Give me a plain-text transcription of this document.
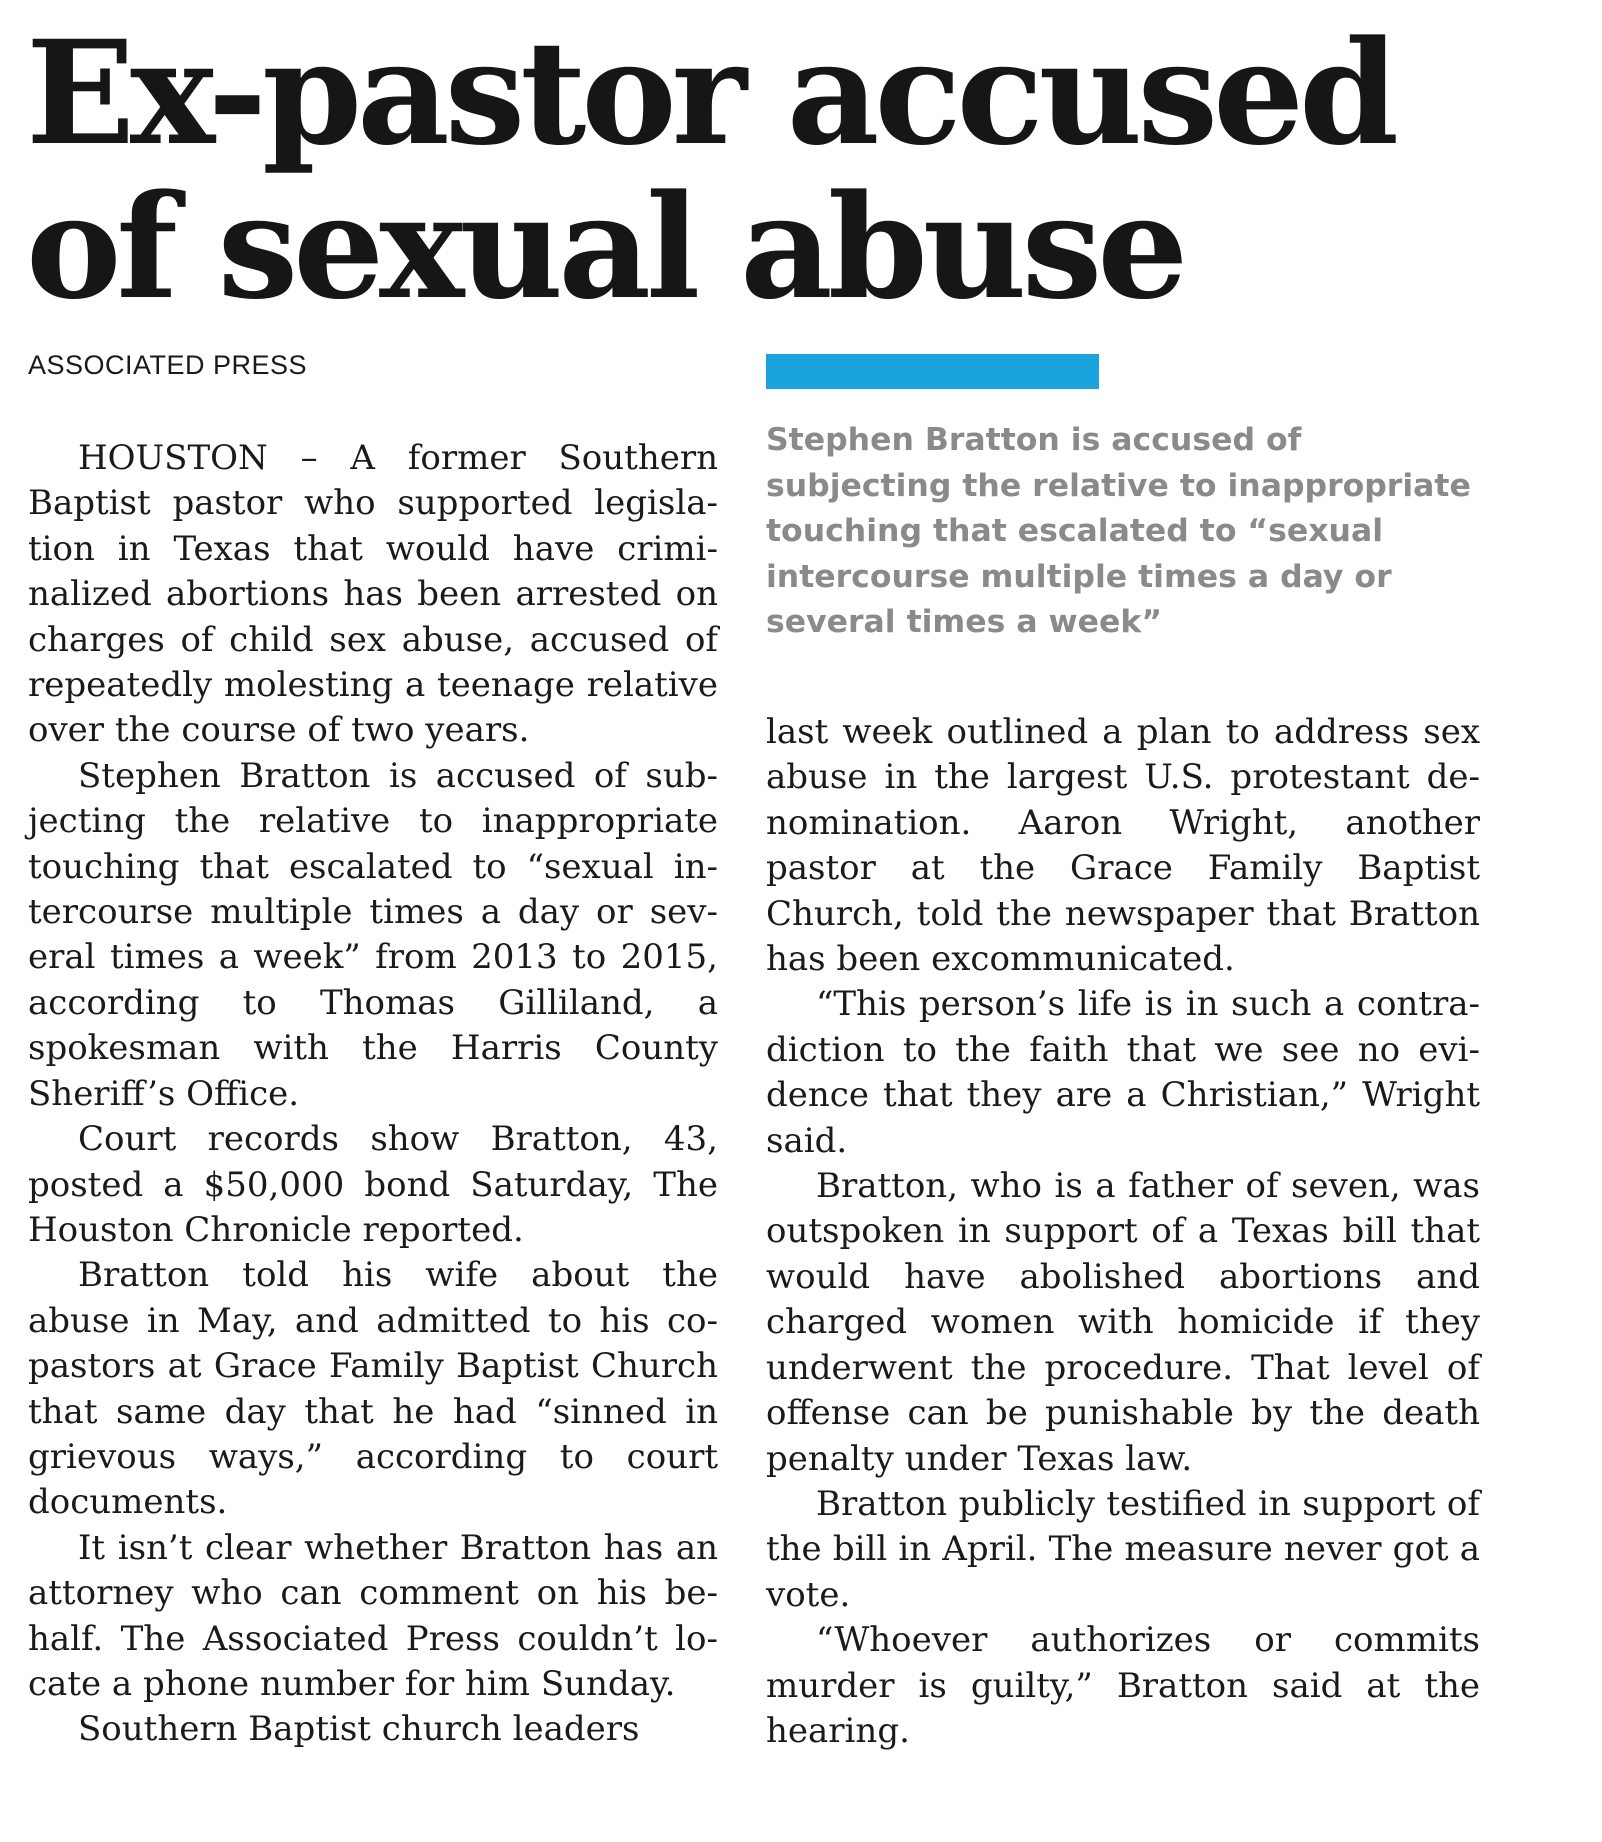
Ex-pastor accused of sexual abuse
ASSOCIATED PRESS

HOUSTON – A former Southern Baptist pastor who supported legislation in Texas that would have criminalized abortions has been arrested on charges of child sex abuse, accused of repeatedly molesting a teenage relative over the course of two years.

Stephen Bratton is accused of subjecting the relative to inappropriate touching that escalated to “sexual intercourse multiple times a day or several times a week” from 2013 to 2015, according to Thomas Gilliland, a spokesman with the Harris County Sheriff’s Office.

Court records show Bratton, 43, posted a $50,000 bond Saturday, The Houston Chronicle reported.

Bratton told his wife about the abuse in May, and admitted to his copastors at Grace Family Baptist Church that same day that he had “sinned in grievous ways,” according to court documents.

It isn’t clear whether Bratton has an attorney who can comment on his behalf. The Associated Press couldn’t locate a phone number for him Sunday.

Southern Baptist church leaders

Stephen Bratton is accused of subjecting the relative to inappropriate touching that escalated to “sexual intercourse multiple times a day or several times a week”

last week outlined a plan to address sex abuse in the largest U.S. protestant denomination. Aaron Wright, another pastor at the Grace Family Baptist Church, told the newspaper that Bratton has been excommunicated.

“This person’s life is in such a contradiction to the faith that we see no evidence that they are a Christian,” Wright said.

Bratton, who is a father of seven, was outspoken in support of a Texas bill that would have abolished abortions and charged women with homicide if they underwent the procedure. That level of offense can be punishable by the death penalty under Texas law.

Bratton publicly testified in support of the bill in April. The measure never got a vote.

“Whoever authorizes or commits murder is guilty,” Bratton said at the hearing.
